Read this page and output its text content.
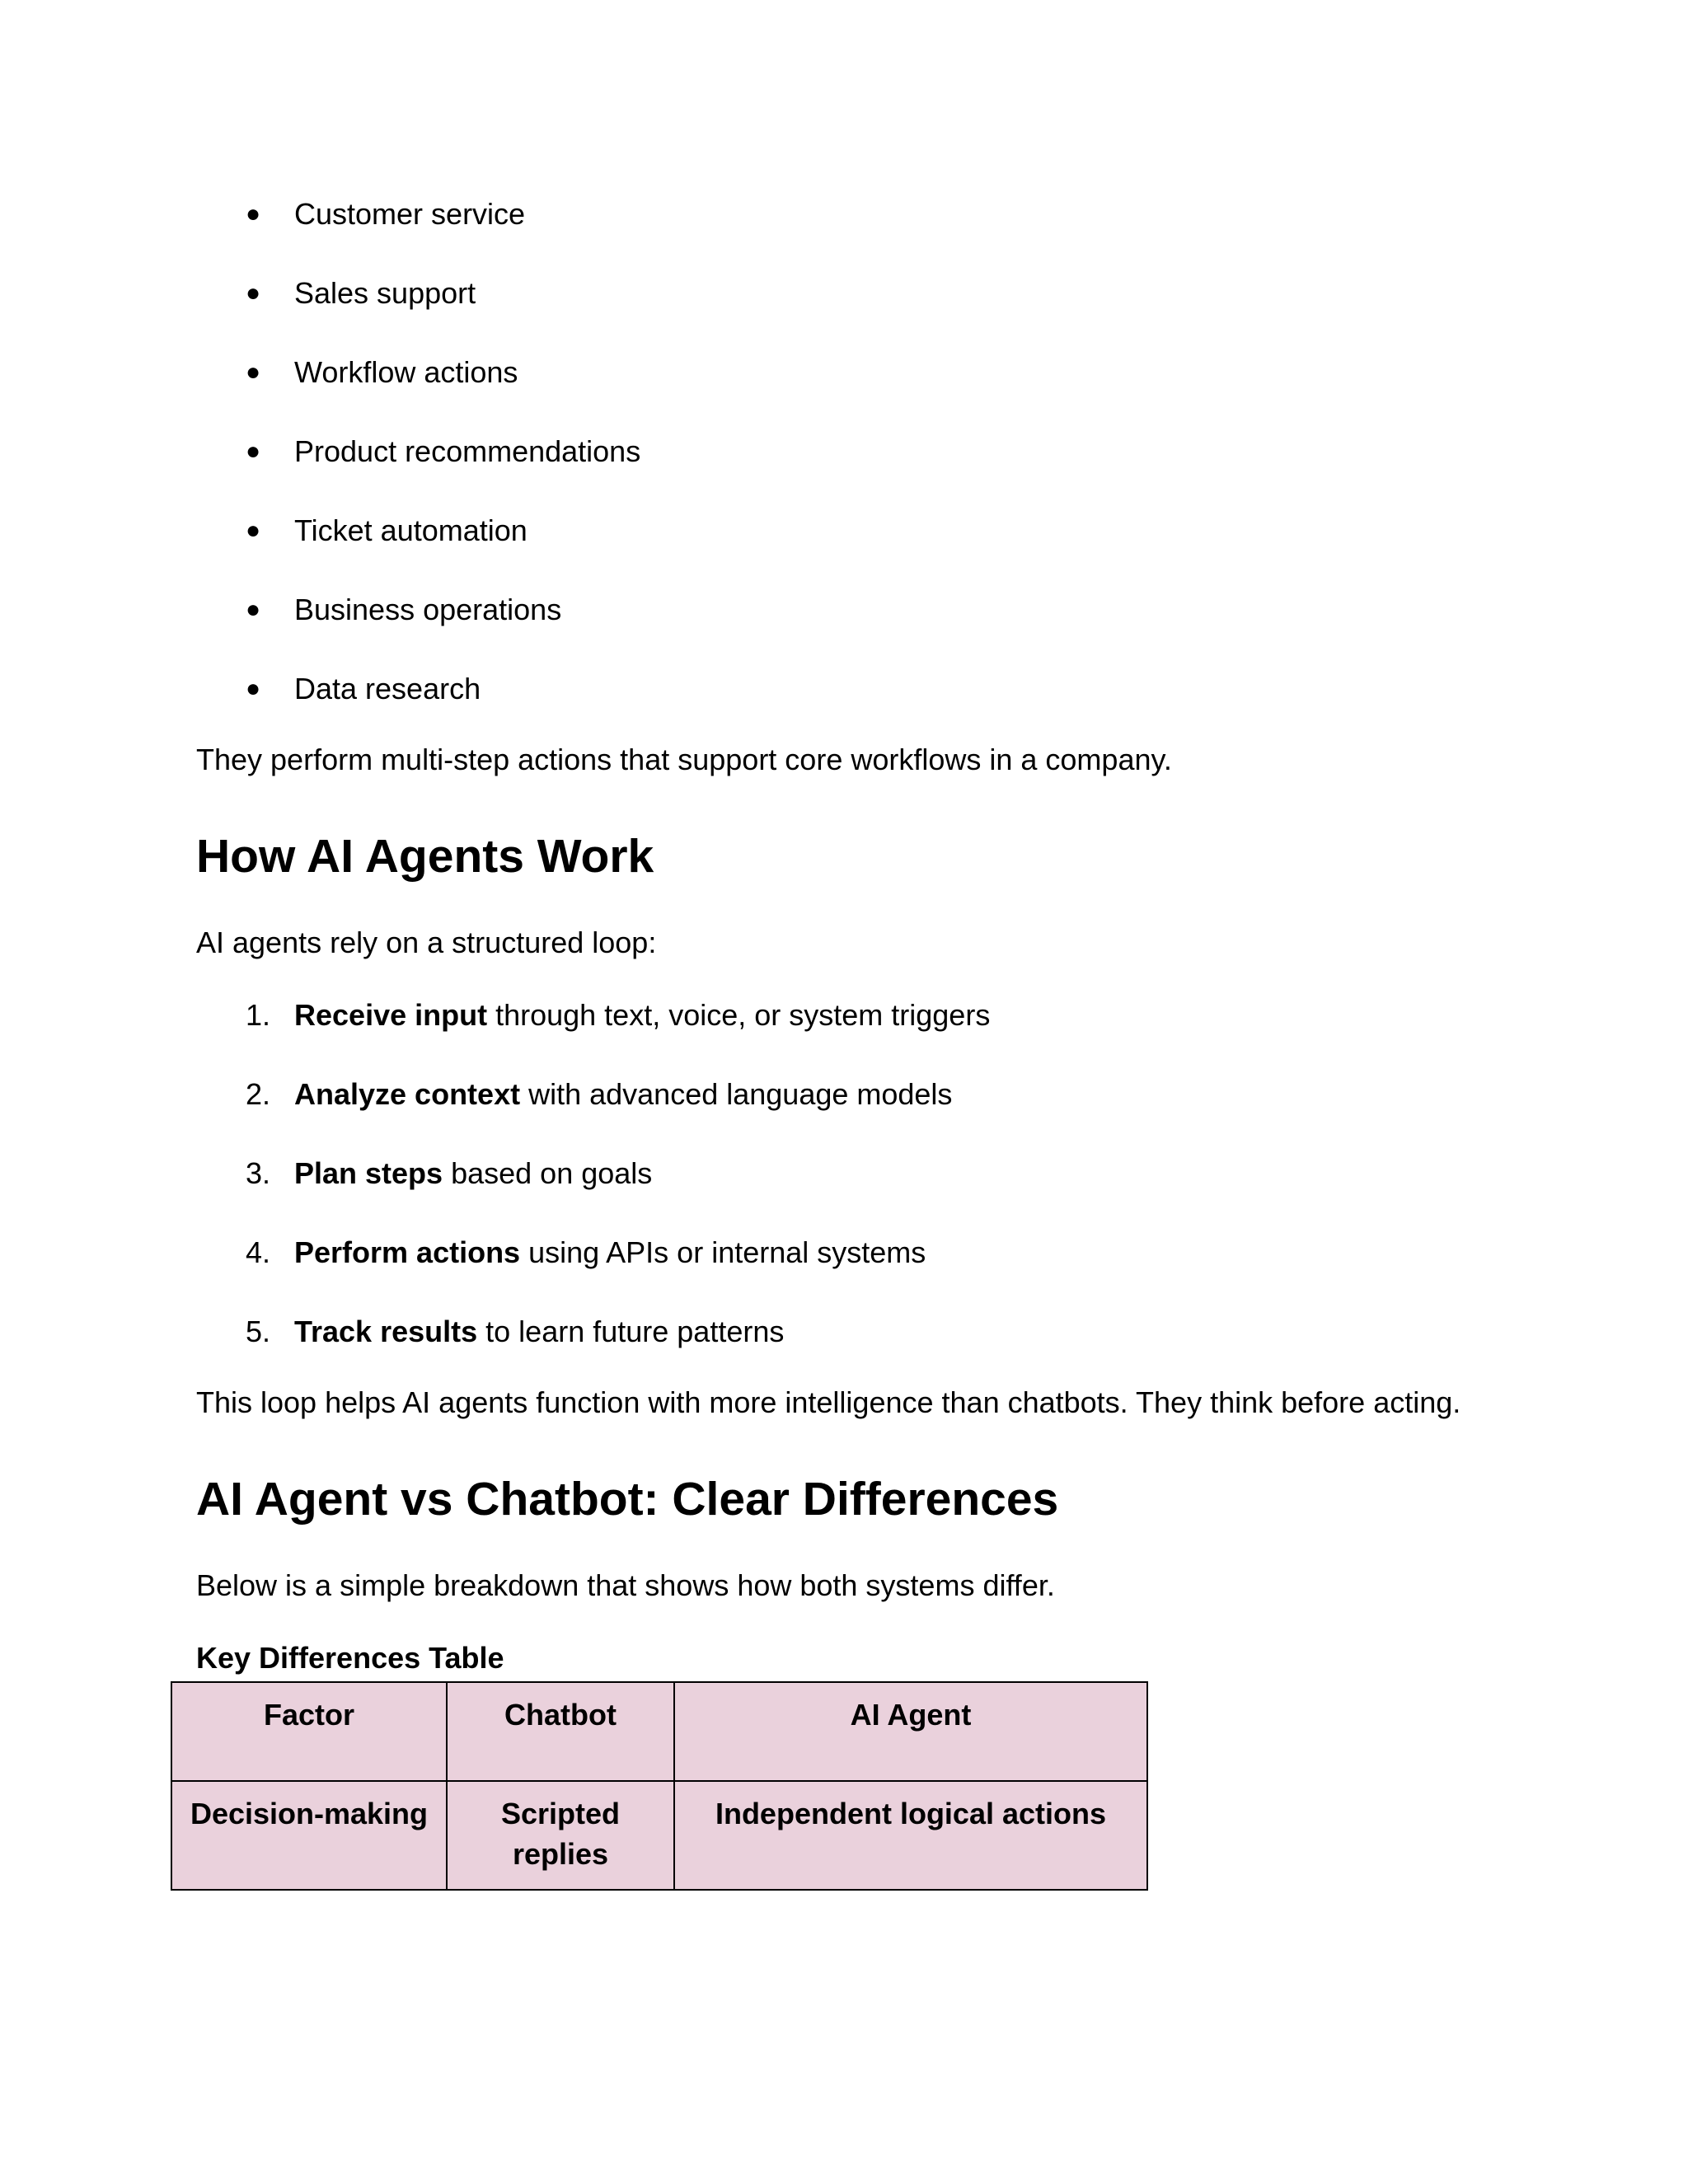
● Customer service
● Sales support
● Workflow actions
● Product recommendations
● Ticket automation
● Business operations
● Data research

They perform multi-step actions that support core workflows in a company.

How AI Agents Work

AI agents rely on a structured loop:

1. Receive input through text, voice, or system triggers
2. Analyze context with advanced language models
3. Plan steps based on goals
4. Perform actions using APIs or internal systems
5. Track results to learn future patterns

This loop helps AI agents function with more intelligence than chatbots. They think before acting.

AI Agent vs Chatbot: Clear Differences

Below is a simple breakdown that shows how both systems differ.

Key Differences Table

Factor	Chatbot	AI Agent
Decision-making	Scripted replies	Independent logical actions
